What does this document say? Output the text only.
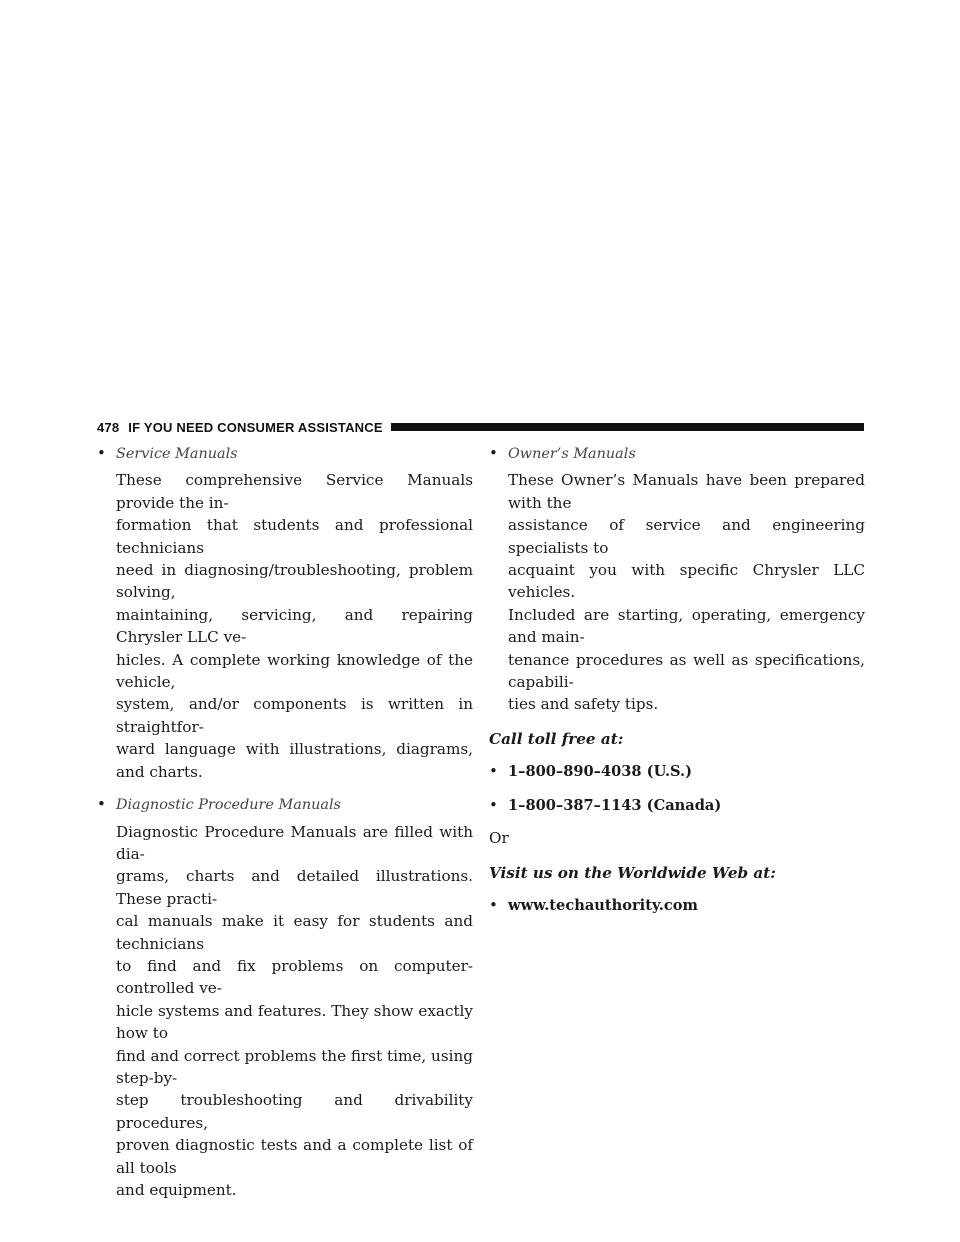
478 IF YOU NEED CONSUMER ASSISTANCE
• Service Manuals
These comprehensive Service Manuals provide the in-
formation that students and professional technicians
need in diagnosing/troubleshooting, problem solving,
maintaining, servicing, and repairing Chrysler LLC ve-
hicles. A complete working knowledge of the vehicle,
system, and/or components is written in straightfor-
ward language with illustrations, diagrams, and charts.
• Diagnostic Procedure Manuals
Diagnostic Procedure Manuals are filled with dia-
grams, charts and detailed illustrations. These practi-
cal manuals make it easy for students and technicians
to find and fix problems on computer-controlled ve-
hicle systems and features. They show exactly how to
find and correct problems the first time, using step-by-
step troubleshooting and drivability procedures,
proven diagnostic tests and a complete list of all tools
and equipment.
• Owner’s Manuals
These Owner’s Manuals have been prepared with the
assistance of service and engineering specialists to
acquaint you with specific Chrysler LLC vehicles.
Included are starting, operating, emergency and main-
tenance procedures as well as specifications, capabili-
ties and safety tips.
Call toll free at:
• 1–800–890–4038 (U.S.)
• 1–800–387–1143 (Canada)
Or
Visit us on the Worldwide Web at:
• www.techauthority.com
